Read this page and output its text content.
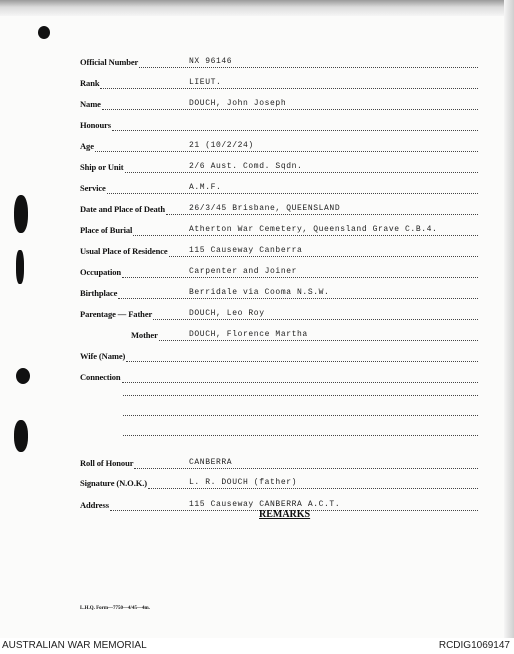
Official Number	NX 96146
Rank	LIEUT.
Name	DOUCH, John Joseph
Honours
Age	21 (10/2/24)
Ship or Unit	2/6 Aust. Comd. Sqdn.
Service	A.M.F.
Date and Place of Death	26/3/45 Brisbane, QUEENSLAND
Place of Burial	Atherton War Cemetery, Queensland Grave C.B.4.
Usual Place of Residence	115 Causeway Canberra
Occupation	Carpenter and Joiner
Birthplace	Berridale via Cooma N.S.W.
Parentage — Father	DOUCH, Leo Roy
Mother	DOUCH, Florence Martha
Wife (Name)
Connection
Roll of Honour	CANBERRA
Signature (N.O.K.)	L. R. DOUCH (father)
Address	115 Causeway CANBERRA A.C.T.
REMARKS
L.H.Q. Form—7750—4/45—4m.
AUSTRALIAN WAR MEMORIAL	RCDIG1069147
